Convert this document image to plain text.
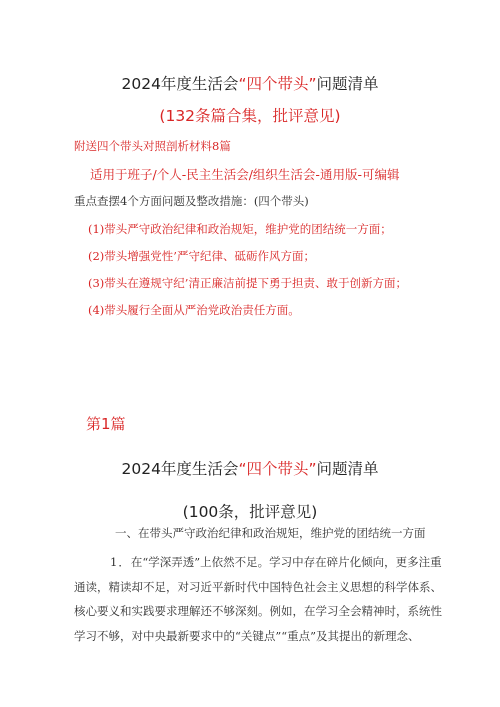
2024年度生活会“四个带头”问题清单
(132条篇合集，批评意见)
附送四个带头对照剖析材料8篇
适用于班子/个人-民主生活会/组织生活会-通用版-可编辑
重点查摆4个方面问题及整改措施：(四个带头)
(1)带头严守政治纪律和政治规矩，维护党的团结统一方面；
(2)带头增强党性’严守纪律、砥砺作风方面；
(3)带头在遵规守纪’清正廉洁前提下勇于担责、敢于创新方面；
(4)带头履行全面从严治党政治责任方面。
第1篇
2024年度生活会“四个带头”问题清单
(100条，批评意见)
一、在带头严守政治纪律和政治规矩，维护党的团结统一方面
1．在“学深弄透”上依然不足。学习中存在碎片化倾向，更多注重
通读，精读却不足，对习近平新时代中国特色社会主义思想的科学体系、
核心要义和实践要求理解还不够深刻。例如，在学习全会精神时，系统性
学习不够，对中央最新要求中的“关键点”“重点”及其提出的新理念、
